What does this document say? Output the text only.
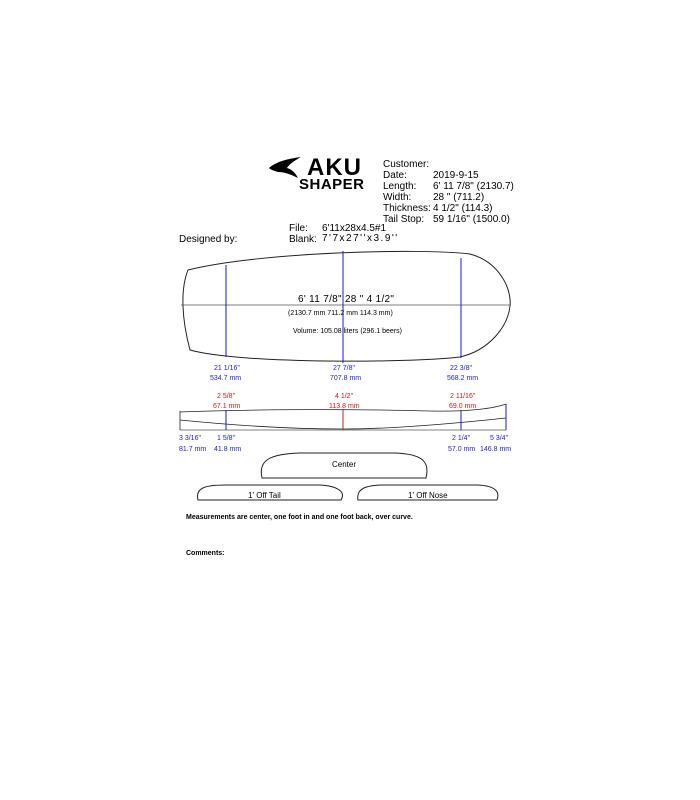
AKU
SHAPER
Customer:
Date:	2019-9-15
Length: 6' 11 7/8" (2130.7)
Width: 28 " (711.2)
Thickness: 4 1/2" (114.3)
Tail Stop: 59 1/16" (1500.0)
File: 6'11x28x4.5#1
Blank: 7'7x27''x3.9''
Designed by:
6' 11 7/8" 28 " 4 1/2"
(2130.7 mm 711.2 mm 114.3 mm)
Volume: 105.08 liters (296.1 beers)
21 1/16"
534.7 mm
27 7/8"
707.8 mm
22 3/8"
568.2 mm
2 5/8"
67.1 mm
4 1/2"
113.8 mm
2 11/16"
69.0 mm
3 3/16"
81.7 mm
1 5/8"
41.8 mm
2 1/4"
57.0 mm
5 3/4"
146.8 mm
Center
1' Off Tail	1' Off Nose
Measurements are center, one foot in and one foot back, over curve.
Comments:
